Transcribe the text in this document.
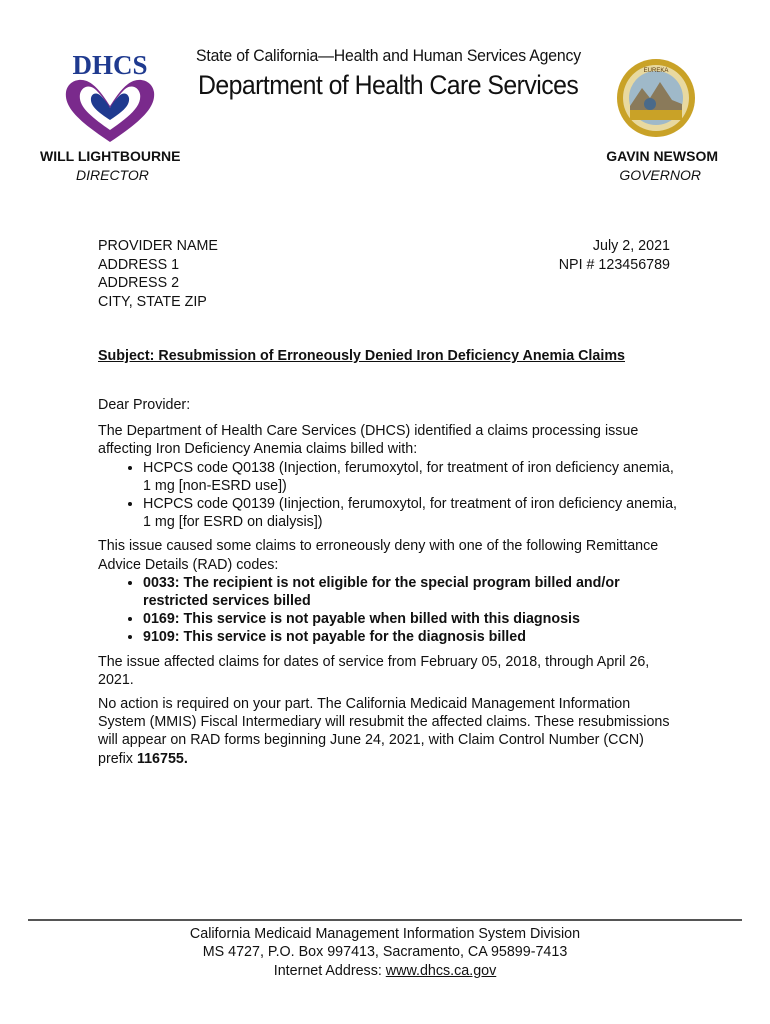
DHCS	State of California—Health and Human Services Agency
Department of Health Care Services	EUREKA
WILL LIGHTBOURNE
DIRECTOR
GAVIN NEWSOM
GOVERNOR
PROVIDER NAME
ADDRESS 1
ADDRESS 2
CITY, STATE ZIP
July 2, 2021
NPI # 123456789
Subject: Resubmission of Erroneously Denied Iron Deficiency Anemia Claims

Dear Provider:

The Department of Health Care Services (DHCS) identified a claims processing issue affecting Iron Deficiency Anemia claims billed with:

• HCPCS code Q0138 (Injection, ferumoxytol, for treatment of iron deficiency anemia, 1 mg [non-ESRD use])
• HCPCS code Q0139 (Iinjection, ferumoxytol, for treatment of iron deficiency anemia, 1 mg [for ESRD on dialysis])

This issue caused some claims to erroneously deny with one of the following Remittance Advice Details (RAD) codes:

• 0033: The recipient is not eligible for the special program billed and/or restricted services billed
• 0169: This service is not payable when billed with this diagnosis
• 9109: This service is not payable for the diagnosis billed

The issue affected claims for dates of service from February 05, 2018, through April 26, 2021.

No action is required on your part. The California Medicaid Management Information System (MMIS) Fiscal Intermediary will resubmit the affected claims. These resubmissions will appear on RAD forms beginning June 24, 2021, with Claim Control Number (CCN) prefix 116755.

California Medicaid Management Information System Division
MS 4727, P.O. Box 997413, Sacramento, CA 95899-7413
Internet Address: www.dhcs.ca.gov
